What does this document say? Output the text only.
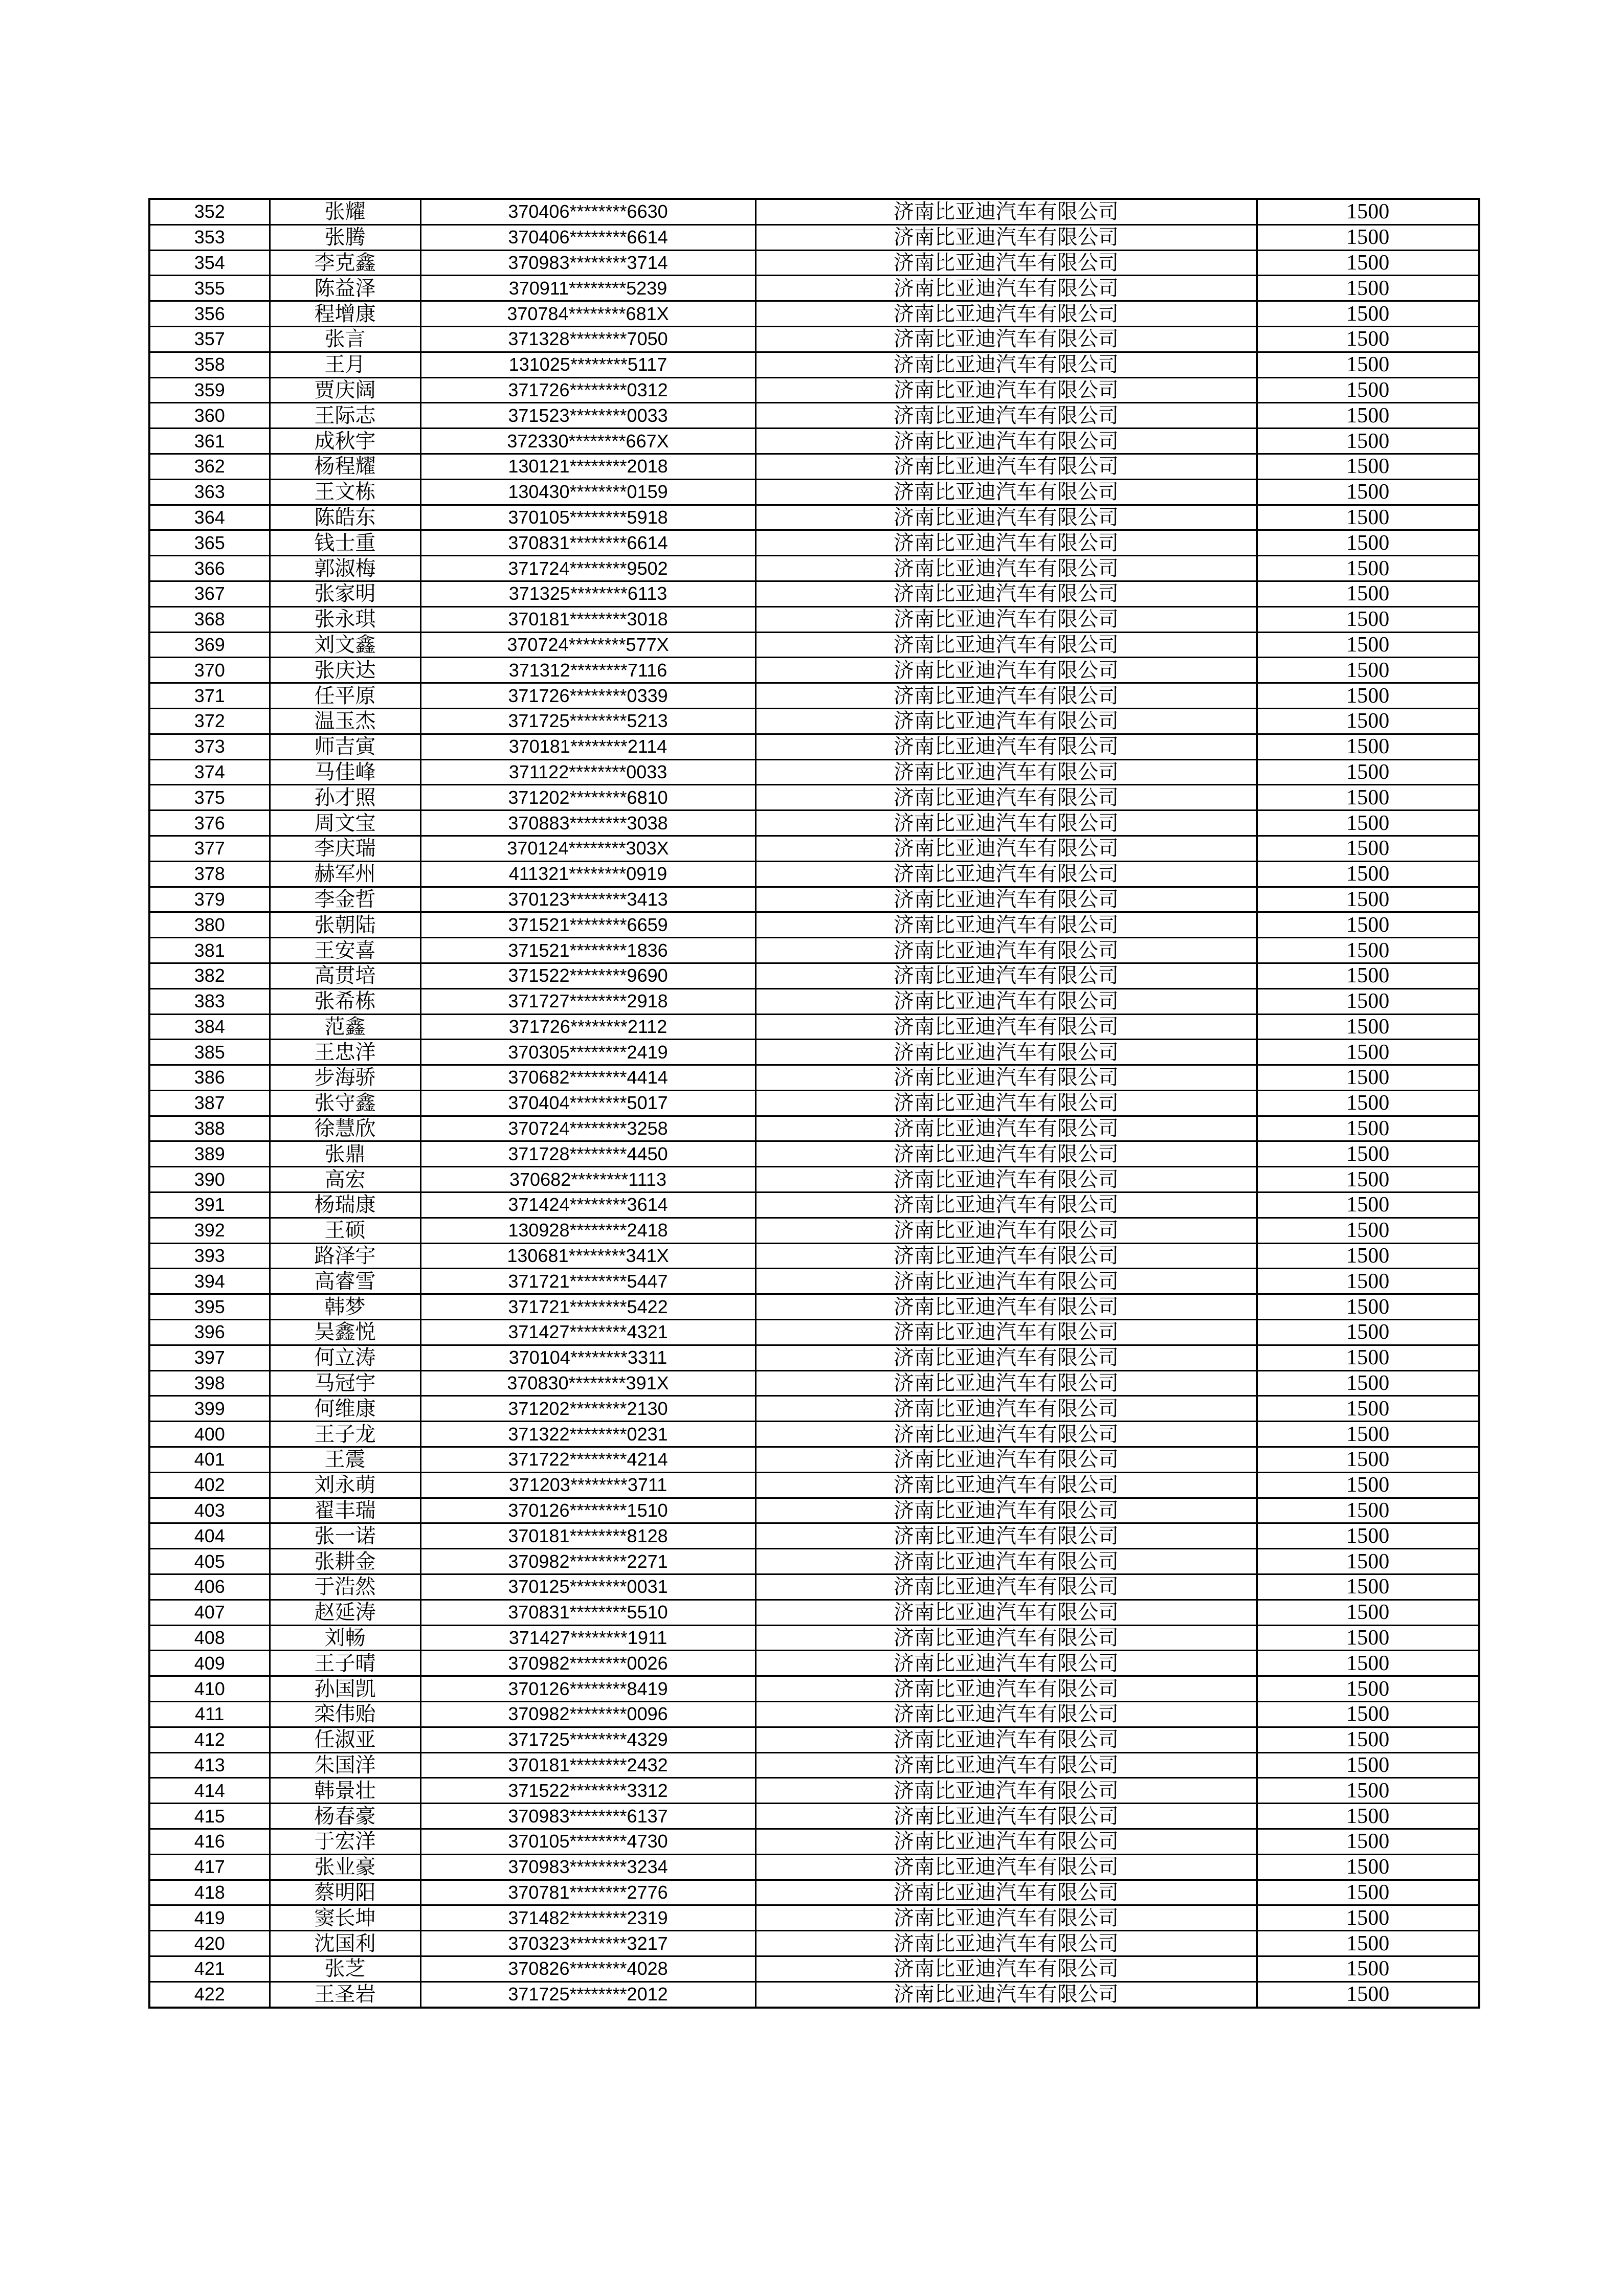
352	张耀	370406********6630	济南比亚迪汽车有限公司	1500
353	张腾	370406********6614	济南比亚迪汽车有限公司	1500
354	李克鑫	370983********3714	济南比亚迪汽车有限公司	1500
355	陈益泽	370911********5239	济南比亚迪汽车有限公司	1500
356	程增康	370784********681X	济南比亚迪汽车有限公司	1500
357	张言	371328********7050	济南比亚迪汽车有限公司	1500
358	王月	131025********5117	济南比亚迪汽车有限公司	1500
359	贾庆阔	371726********0312	济南比亚迪汽车有限公司	1500
360	王际志	371523********0033	济南比亚迪汽车有限公司	1500
361	成秋宇	372330********667X	济南比亚迪汽车有限公司	1500
362	杨程耀	130121********2018	济南比亚迪汽车有限公司	1500
363	王文栋	130430********0159	济南比亚迪汽车有限公司	1500
364	陈皓东	370105********5918	济南比亚迪汽车有限公司	1500
365	钱士重	370831********6614	济南比亚迪汽车有限公司	1500
366	郭淑梅	371724********9502	济南比亚迪汽车有限公司	1500
367	张家明	371325********6113	济南比亚迪汽车有限公司	1500
368	张永琪	370181********3018	济南比亚迪汽车有限公司	1500
369	刘文鑫	370724********577X	济南比亚迪汽车有限公司	1500
370	张庆达	371312********7116	济南比亚迪汽车有限公司	1500
371	任平原	371726********0339	济南比亚迪汽车有限公司	1500
372	温玉杰	371725********5213	济南比亚迪汽车有限公司	1500
373	师吉寅	370181********2114	济南比亚迪汽车有限公司	1500
374	马佳峰	371122********0033	济南比亚迪汽车有限公司	1500
375	孙才照	371202********6810	济南比亚迪汽车有限公司	1500
376	周文宝	370883********3038	济南比亚迪汽车有限公司	1500
377	李庆瑞	370124********303X	济南比亚迪汽车有限公司	1500
378	赫军州	411321********0919	济南比亚迪汽车有限公司	1500
379	李金哲	370123********3413	济南比亚迪汽车有限公司	1500
380	张朝陆	371521********6659	济南比亚迪汽车有限公司	1500
381	王安喜	371521********1836	济南比亚迪汽车有限公司	1500
382	高贯培	371522********9690	济南比亚迪汽车有限公司	1500
383	张希栋	371727********2918	济南比亚迪汽车有限公司	1500
384	范鑫	371726********2112	济南比亚迪汽车有限公司	1500
385	王忠洋	370305********2419	济南比亚迪汽车有限公司	1500
386	步海骄	370682********4414	济南比亚迪汽车有限公司	1500
387	张守鑫	370404********5017	济南比亚迪汽车有限公司	1500
388	徐慧欣	370724********3258	济南比亚迪汽车有限公司	1500
389	张鼎	371728********4450	济南比亚迪汽车有限公司	1500
390	高宏	370682********1113	济南比亚迪汽车有限公司	1500
391	杨瑞康	371424********3614	济南比亚迪汽车有限公司	1500
392	王硕	130928********2418	济南比亚迪汽车有限公司	1500
393	路泽宇	130681********341X	济南比亚迪汽车有限公司	1500
394	高睿雪	371721********5447	济南比亚迪汽车有限公司	1500
395	韩梦	371721********5422	济南比亚迪汽车有限公司	1500
396	吴鑫悦	371427********4321	济南比亚迪汽车有限公司	1500
397	何立涛	370104********3311	济南比亚迪汽车有限公司	1500
398	马冠宇	370830********391X	济南比亚迪汽车有限公司	1500
399	何维康	371202********2130	济南比亚迪汽车有限公司	1500
400	王子龙	371322********0231	济南比亚迪汽车有限公司	1500
401	王震	371722********4214	济南比亚迪汽车有限公司	1500
402	刘永萌	371203********3711	济南比亚迪汽车有限公司	1500
403	翟丰瑞	370126********1510	济南比亚迪汽车有限公司	1500
404	张一诺	370181********8128	济南比亚迪汽车有限公司	1500
405	张耕金	370982********2271	济南比亚迪汽车有限公司	1500
406	于浩然	370125********0031	济南比亚迪汽车有限公司	1500
407	赵延涛	370831********5510	济南比亚迪汽车有限公司	1500
408	刘畅	371427********1911	济南比亚迪汽车有限公司	1500
409	王子晴	370982********0026	济南比亚迪汽车有限公司	1500
410	孙国凯	370126********8419	济南比亚迪汽车有限公司	1500
411	栾伟贻	370982********0096	济南比亚迪汽车有限公司	1500
412	任淑亚	371725********4329	济南比亚迪汽车有限公司	1500
413	朱国洋	370181********2432	济南比亚迪汽车有限公司	1500
414	韩景壮	371522********3312	济南比亚迪汽车有限公司	1500
415	杨春豪	370983********6137	济南比亚迪汽车有限公司	1500
416	于宏洋	370105********4730	济南比亚迪汽车有限公司	1500
417	张业豪	370983********3234	济南比亚迪汽车有限公司	1500
418	蔡明阳	370781********2776	济南比亚迪汽车有限公司	1500
419	窦长坤	371482********2319	济南比亚迪汽车有限公司	1500
420	沈国利	370323********3217	济南比亚迪汽车有限公司	1500
421	张芝	370826********4028	济南比亚迪汽车有限公司	1500
422	王圣岩	371725********2012	济南比亚迪汽车有限公司	1500
